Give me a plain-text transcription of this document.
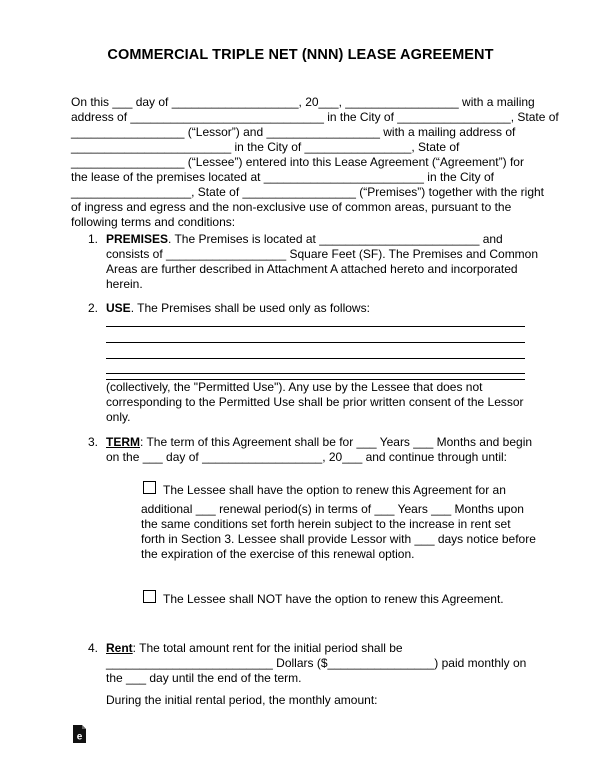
COMMERCIAL TRIPLE NET (NNN) LEASE AGREEMENT
On this ___ day of ___________________, 20___, _________________ with a mailing
address of _____________________________ in the City of _________________, State of
_________________ (“Lessor”) and _________________ with a mailing address of
________________________ in the City of ________________, State of
_________________ (“Lessee”) entered into this Lease Agreement (“Agreement”) for
the lease of the premises located at ________________________ in the City of
__________________, State of _________________ (“Premises”) together with the right
of ingress and egress and the non-exclusive use of common areas, pursuant to the
following terms and conditions:
1. PREMISES. The Premises is located at ________________________ and
consists of __________________ Square Feet (SF). The Premises and Common
Areas are further described in Attachment A attached hereto and incorporated
herein.
2. USE. The Premises shall be used only as follows:
(collectively, the "Permitted Use"). Any use by the Lessee that does not
corresponding to the Permitted Use shall be prior written consent of the Lessor
only.
3. TERM: The term of this Agreement shall be for ___ Years ___ Months and begin
on the ___ day of __________________, 20___ and continue through until:
The Lessee shall have the option to renew this Agreement for an
additional ___ renewal period(s) in terms of ___ Years ___ Months upon
the same conditions set forth herein subject to the increase in rent set
forth in Section 3. Lessee shall provide Lessor with ___ days notice before
the expiration of the exercise of this renewal option.
The Lessee shall NOT have the option to renew this Agreement.
4. Rent: The total amount rent for the initial period shall be
_________________________ Dollars ($________________) paid monthly on
the ___ day until the end of the term.
During the initial rental period, the monthly amount:
e
